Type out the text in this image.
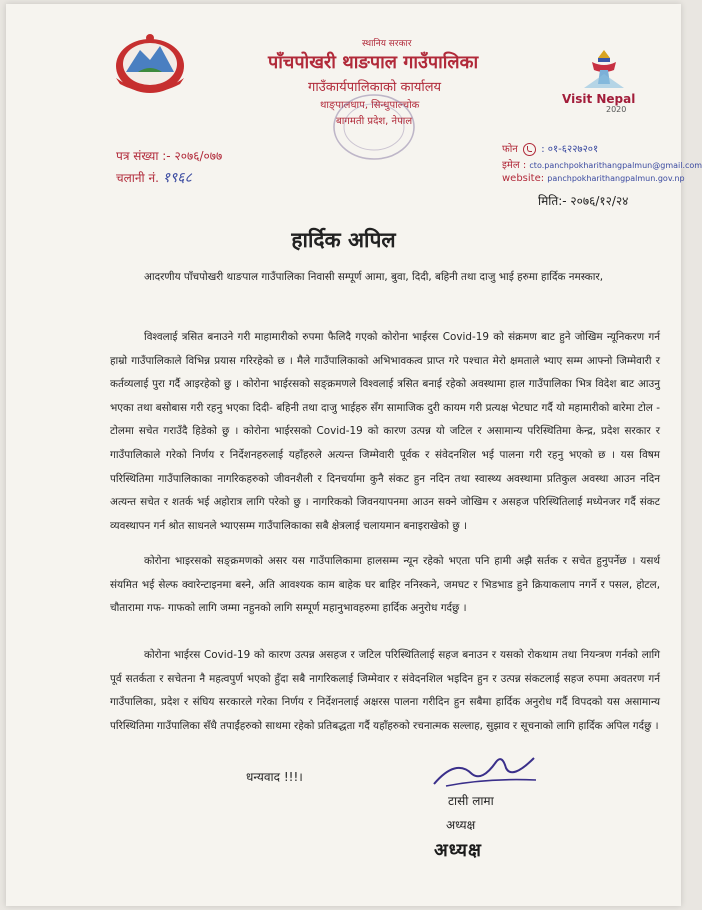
Visit Nepal
2020
स्थानिय सरकार
पाँचपोखरी थाङपाल गाउँपालिका
गाउँकार्यपालिकाको कार्यालय
थाङ्पालधाप, सिन्धुपाल्चोक
बागमती प्रदेश, नेपाल
पत्र संख्या :- २०७६/०७७
चलानी नं. १९६८
फोन : ०१-६२२७२०१
इमेल : cto.panchpokharithangpalmun@gmail.com
website: panchpokharithangpalmun.gov.np
मिति:- २०७६/१२/२४
हार्दिक अपिल

आदरणीय पाँचपोखरी थाङपाल गाउँपालिका निवासी सम्पूर्ण आमा, बुवा, दिदी, बहिनी तथा दाजु भाई हरुमा हार्दिक नमस्कार,

विश्वलाई त्रसित बनाउने गरी माहामारीको रुपमा फैलिदै गएको कोरोना भाईरस Covid-19 को संक्रमण बाट हुने जोखिम न्यूनिकरण गर्न हाम्रो गाउँपालिकाले विभिन्न प्रयास गरिरहेको छ । मैले गाउँपालिकाको अभिभावकत्व प्राप्त गरे पश्चात मेरो क्षमताले भ्याए सम्म आफ्नो जिम्मेवारी र कर्तव्यलाई पुरा गर्दै आइरहेको छु । कोरोना भाईरसको सङ्क्रमणले विश्वलाई त्रसित बनाई रहेको अवस्थामा हाल गाउँपालिका भित्र विदेश बाट आउनु भएका तथा बसोबास गरी रहनु भएका दिदी- बहिनी तथा दाजु भाईहरु सँग सामाजिक दुरी कायम गरी प्रत्यक्ष भेटघाट गर्दै यो महामारीको बारेमा टोल - टोलमा सचेत गराउँदै हिडेको छु । कोरोना भाईरसको Covid-19 को कारण उत्पन्न यो जटिल र असामान्य परिस्थितिमा केन्द्र, प्रदेश सरकार र गाउँपालिकाले गरेको निर्णय र निर्देशनहरुलाई यहाँहरुले अत्यन्त जिम्मेवारी पूर्वक र संवेदनशिल भई पालना गरी रहनु भएको छ । यस विषम परिस्थितिमा गाउँपालिकाका नागरिकहरुको जीवनशैली र दिनचर्यामा कुनै संकट हुन नदिन तथा स्वास्थ्य अवस्थामा प्रतिकुल अवस्था आउन नदिन अत्यन्त सचेत र शतर्क भई अहोरात्र लागि परेको छु । नागरिकको जिवनयापनमा आउन सक्ने जोखिम र असहज परिस्थितिलाई मध्येनजर गर्दै संकट व्यवस्थापन गर्न श्रोत साधनले भ्याएसम्म गाउँपालिकाका सबै क्षेत्रलाई चलायमान बनाइराखेको छु ।

कोरोना भाइरसको सङ्क्रमणको असर यस गाउँपालिकामा हालसम्म न्यून रहेको भएता पनि हामी अझै सर्तक र सचेत हुनुपर्नेछ । यसर्थ संयमित भई सेल्फ क्वारेन्टाइनमा बस्ने, अति आवश्यक काम बाहेक घर बाहिर ननिस्कने, जमघट र भिडभाड हुने क्रियाकलाप नगर्ने र पसल, होटल, चौतारामा गफ- गाफको लागि जम्मा नहुनको लागि सम्पूर्ण महानुभावहरुमा हार्दिक अनुरोध गर्दछु ।

कोरोना भाईरस Covid-19 को कारण उत्पन्न असहज र जटिल परिस्थितिलाई सहज बनाउन र यसको रोकथाम तथा नियन्त्रण गर्नको लागि पूर्व सतर्कता र सचेतना नै महत्वपुर्ण भएको हुँदा सबै नागरिकलाई जिम्मेवार र संवेदनशिल भइदिन हुन र उत्पन्न संकटलाई सहज रुपमा अवतरण गर्न गाउँपालिका, प्रदेश र संघिय सरकारले गरेका निर्णय र निर्देशनलाई अक्षरस पालना गरीदिन हुन सबैमा हार्दिक अनुरोध गर्दै विपदको यस असामान्य परिस्थितिमा गाउँपालिका सँधै तपाईंहरुको साथमा रहेको प्रतिबद्धता गर्दै यहाँहरुको रचनात्मक सल्लाह, सुझाव र सूचनाको लागि हार्दिक अपिल गर्दछु ।

धन्यवाद !!!।
टासी लामा
अध्यक्ष
अध्यक्ष
